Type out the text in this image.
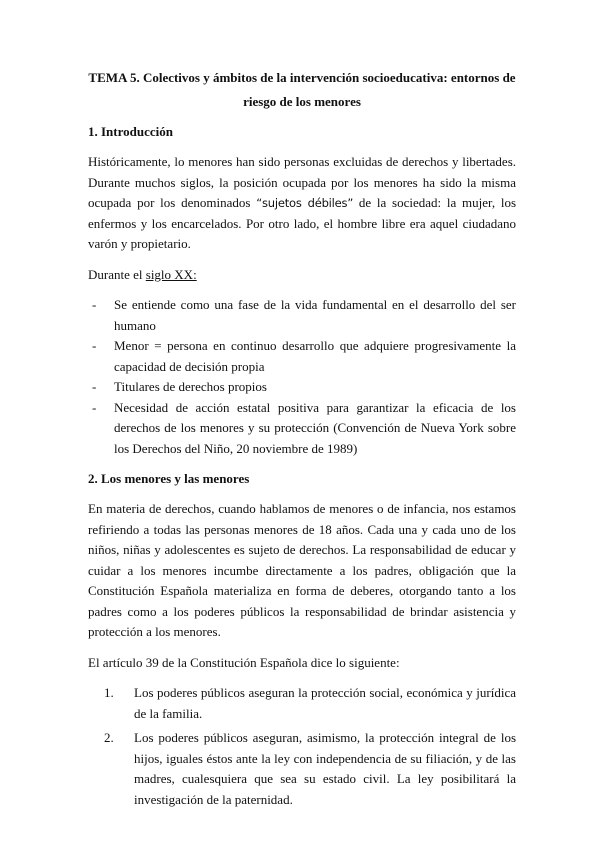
TEMA 5. Colectivos y ámbitos de la intervención socioeducativa: entornos de
riesgo de los menores
1. Introducción

Históricamente, lo menores han sido personas excluidas de derechos y libertades. Durante muchos siglos, la posición ocupada por los menores ha sido la misma ocupada por los denominados “sujetos débiles” de la sociedad: la mujer, los enfermos y los encarcelados. Por otro lado, el hombre libre era aquel ciudadano varón y propietario.

Durante el siglo XX:

- Se entiende como una fase de la vida fundamental en el desarrollo del ser humano
- Menor = persona en continuo desarrollo que adquiere progresivamente la capacidad de decisión propia
- Titulares de derechos propios
- Necesidad de acción estatal positiva para garantizar la eficacia de los derechos de los menores y su protección (Convención de Nueva York sobre los Derechos del Niño, 20 noviembre de 1989)
2. Los menores y las menores

En materia de derechos, cuando hablamos de menores o de infancia, nos estamos refiriendo a todas las personas menores de 18 años. Cada una y cada uno de los niños, niñas y adolescentes es sujeto de derechos. La responsabilidad de educar y cuidar a los menores incumbe directamente a los padres, obligación que la Constitución Española materializa en forma de deberes, otorgando tanto a los padres como a los poderes públicos la responsabilidad de brindar asistencia y protección a los menores.

El artículo 39 de la Constitución Española dice lo siguiente:

1. Los poderes públicos aseguran la protección social, económica y jurídica de la familia.
2. Los poderes públicos aseguran, asimismo, la protección integral de los hijos, iguales éstos ante la ley con independencia de su filiación, y de las madres, cualesquiera que sea su estado civil. La ley posibilitará la investigación de la paternidad.
